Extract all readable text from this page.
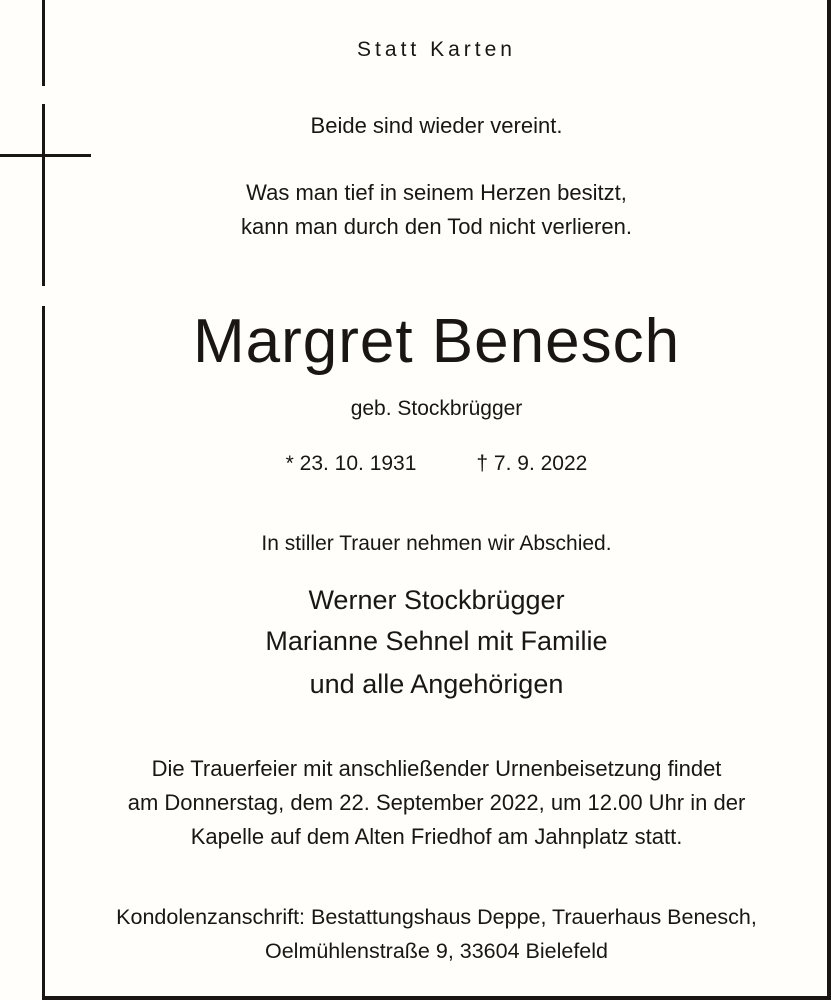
Statt Karten
Beide sind wieder vereint.
Was man tief in seinem Herzen besitzt,
kann man durch den Tod nicht verlieren.
Margret Benesch
geb. Stockbrügger
* 23. 10. 1931	† 7. 9. 2022
In stiller Trauer nehmen wir Abschied.
Werner Stockbrügger
Marianne Sehnel mit Familie
und alle Angehörigen
Die Trauerfeier mit anschließender Urnenbeisetzung findet
am Donnerstag, dem 22. September 2022, um 12.00 Uhr in der
Kapelle auf dem Alten Friedhof am Jahnplatz statt.
Kondolenzanschrift: Bestattungshaus Deppe, Trauerhaus Benesch,
Oelmühlenstraße 9, 33604 Bielefeld
